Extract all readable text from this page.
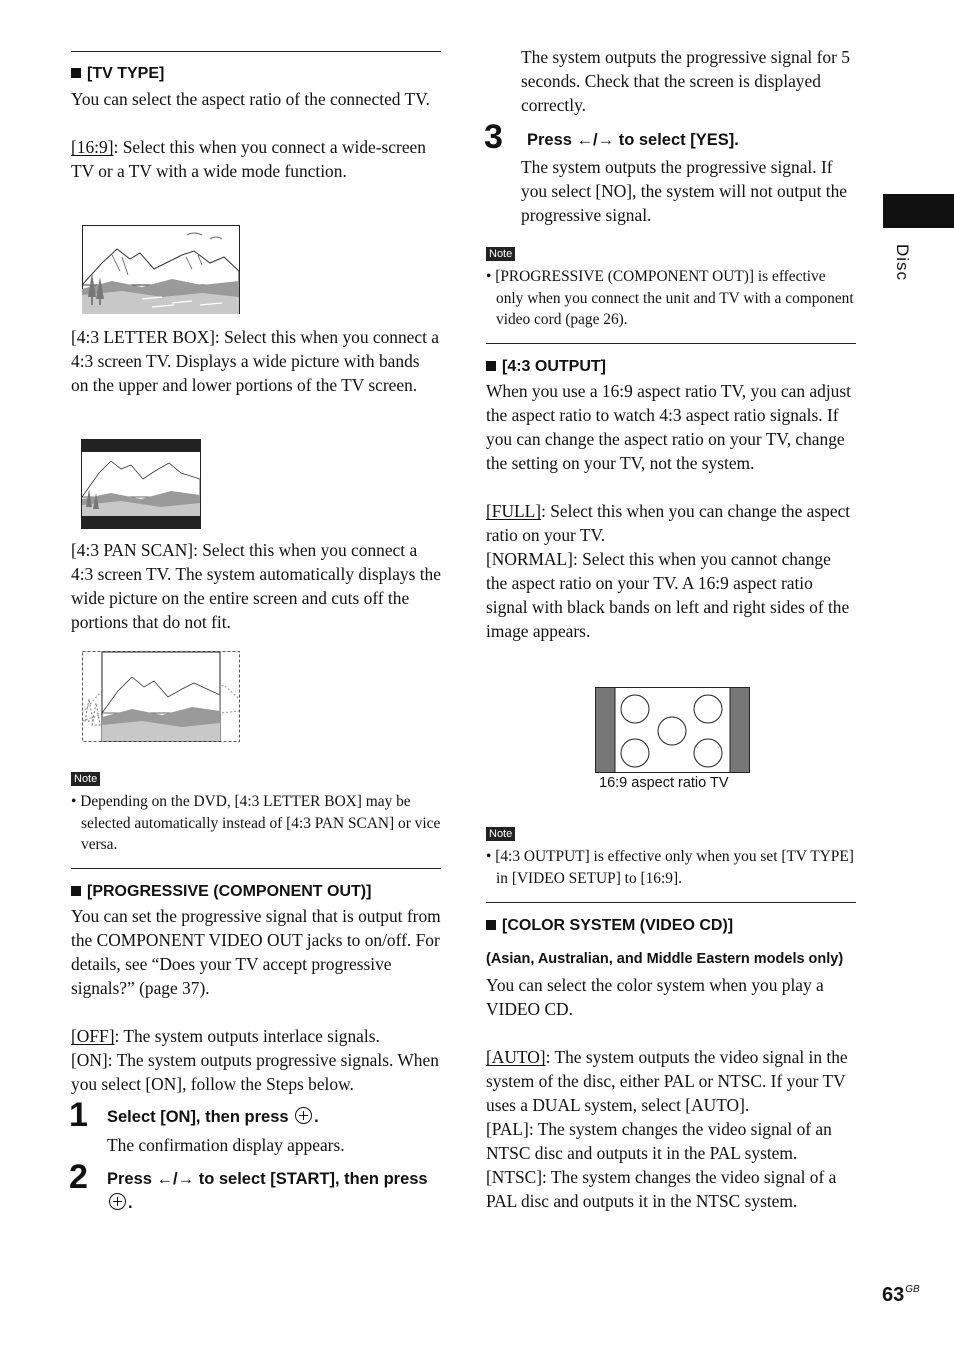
[TV TYPE]

You can select the aspect ratio of the connected TV.

[16:9]: Select this when you connect a wide-screen TV or a TV with a wide mode function.

[4:3 LETTER BOX]: Select this when you connect a 4:3 screen TV. Displays a wide picture with bands on the upper and lower portions of the TV screen.

[4:3 PAN SCAN]: Select this when you connect a 4:3 screen TV. The system automatically displays the wide picture on the entire screen and cuts off the portions that do not fit.

Note

• Depending on the DVD, [4:3 LETTER BOX] may be selected automatically instead of [4:3 PAN SCAN] or vice versa.

[PROGRESSIVE (COMPONENT OUT)]

You can set the progressive signal that is output from the COMPONENT VIDEO OUT jacks to on/off. For details, see “Does your TV accept progressive signals?” (page 37).

[OFF]: The system outputs interlace signals.

[ON]: The system outputs progressive signals. When you select [ON], follow the Steps below.

1 Select [ON], then press .

The confirmation display appears.

2 Press ←/→ to select [START], then press .

The system outputs the progressive signal for 5 seconds. Check that the screen is displayed correctly.

3 Press ←/→ to select [YES].

The system outputs the progressive signal. If you select [NO], the system will not output the progressive signal.

Note

• [PROGRESSIVE (COMPONENT OUT)] is effective only when you connect the unit and TV with a component video cord (page 26).

[4:3 OUTPUT]

When you use a 16:9 aspect ratio TV, you can adjust the aspect ratio to watch 4:3 aspect ratio signals. If you can change the aspect ratio on your TV, change the setting on your TV, not the system.

[FULL]: Select this when you can change the aspect ratio on your TV.

[NORMAL]: Select this when you cannot change the aspect ratio on your TV. A 16:9 aspect ratio signal with black bands on left and right sides of the image appears.

16:9 aspect ratio TV
Note

• [4:3 OUTPUT] is effective only when you set [TV TYPE] in [VIDEO SETUP] to [16:9].

[COLOR SYSTEM (VIDEO CD)]

(Asian, Australian, and Middle Eastern models only)

You can select the color system when you play a VIDEO CD.

[AUTO]: The system outputs the video signal in the system of the disc, either PAL or NTSC. If your TV uses a DUAL system, select [AUTO].

[PAL]: The system changes the video signal of an NTSC disc and outputs it in the PAL system.

[NTSC]: The system changes the video signal of a PAL disc and outputs it in the NTSC system.

Disc
$63^{GB}$
